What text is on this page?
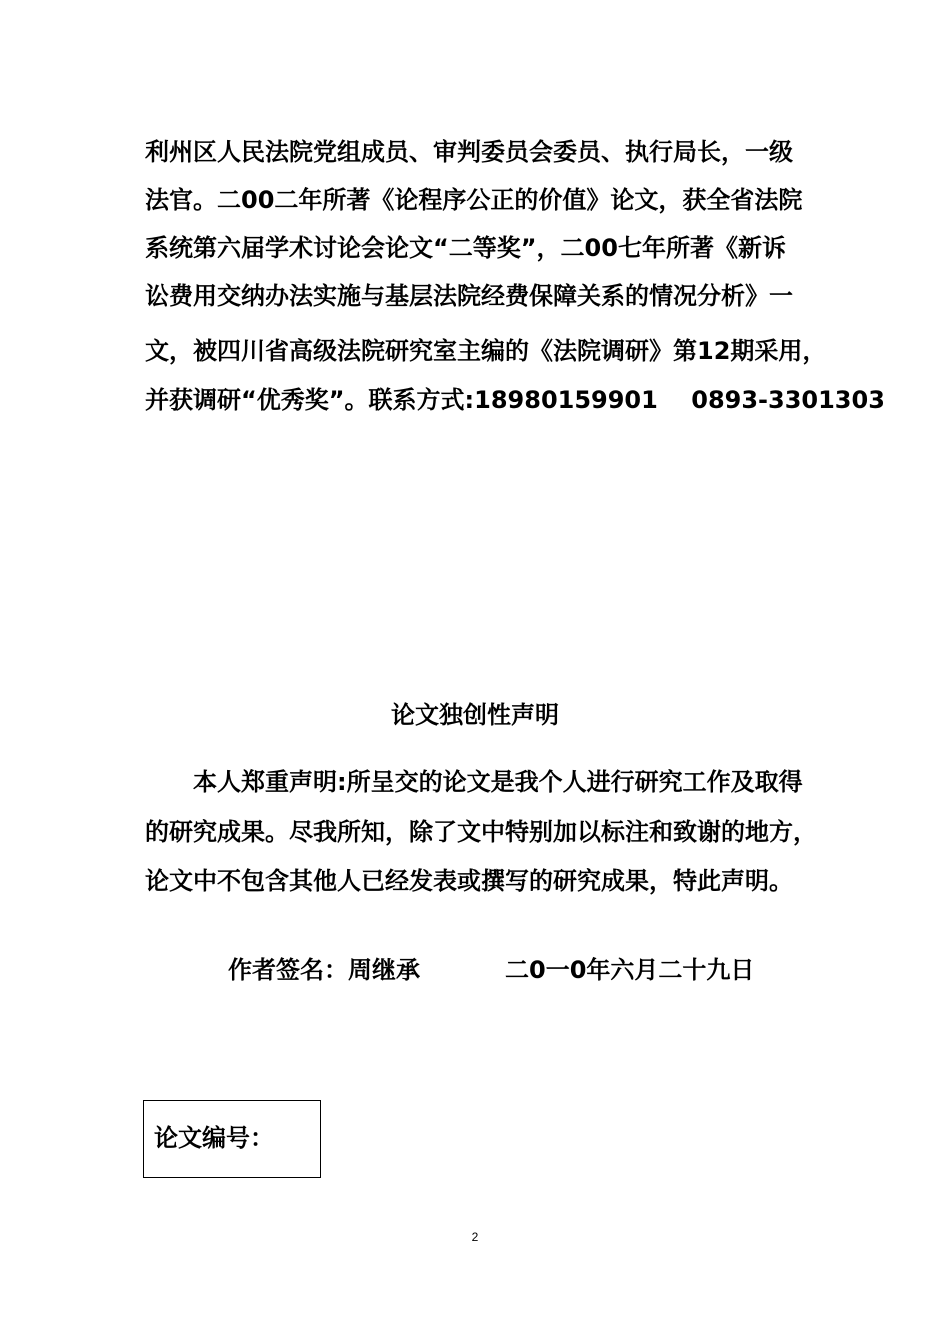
利州区人民法院党组成员、审判委员会委员、执行局长，一级
法官。二00二年所著《论程序公正的价值》论文，获全省法院
系统第六届学术讨论会论文“二等奖”，二00七年所著《新诉
讼费用交纳办法实施与基层法院经费保障关系的情况分析》一
文，被四川省高级法院研究室主编的《法院调研》第12期采用，
并获调研“优秀奖”。联系方式:18980159901    0893-3301303
论文独创性声明
本人郑重声明:所呈交的论文是我个人进行研究工作及取得
的研究成果。尽我所知，除了文中特别加以标注和致谢的地方，
论文中不包含其他人已经发表或撰写的研究成果，特此声明。
作者签名：周继承	二0一0年六月二十九日
论文编号：
2
